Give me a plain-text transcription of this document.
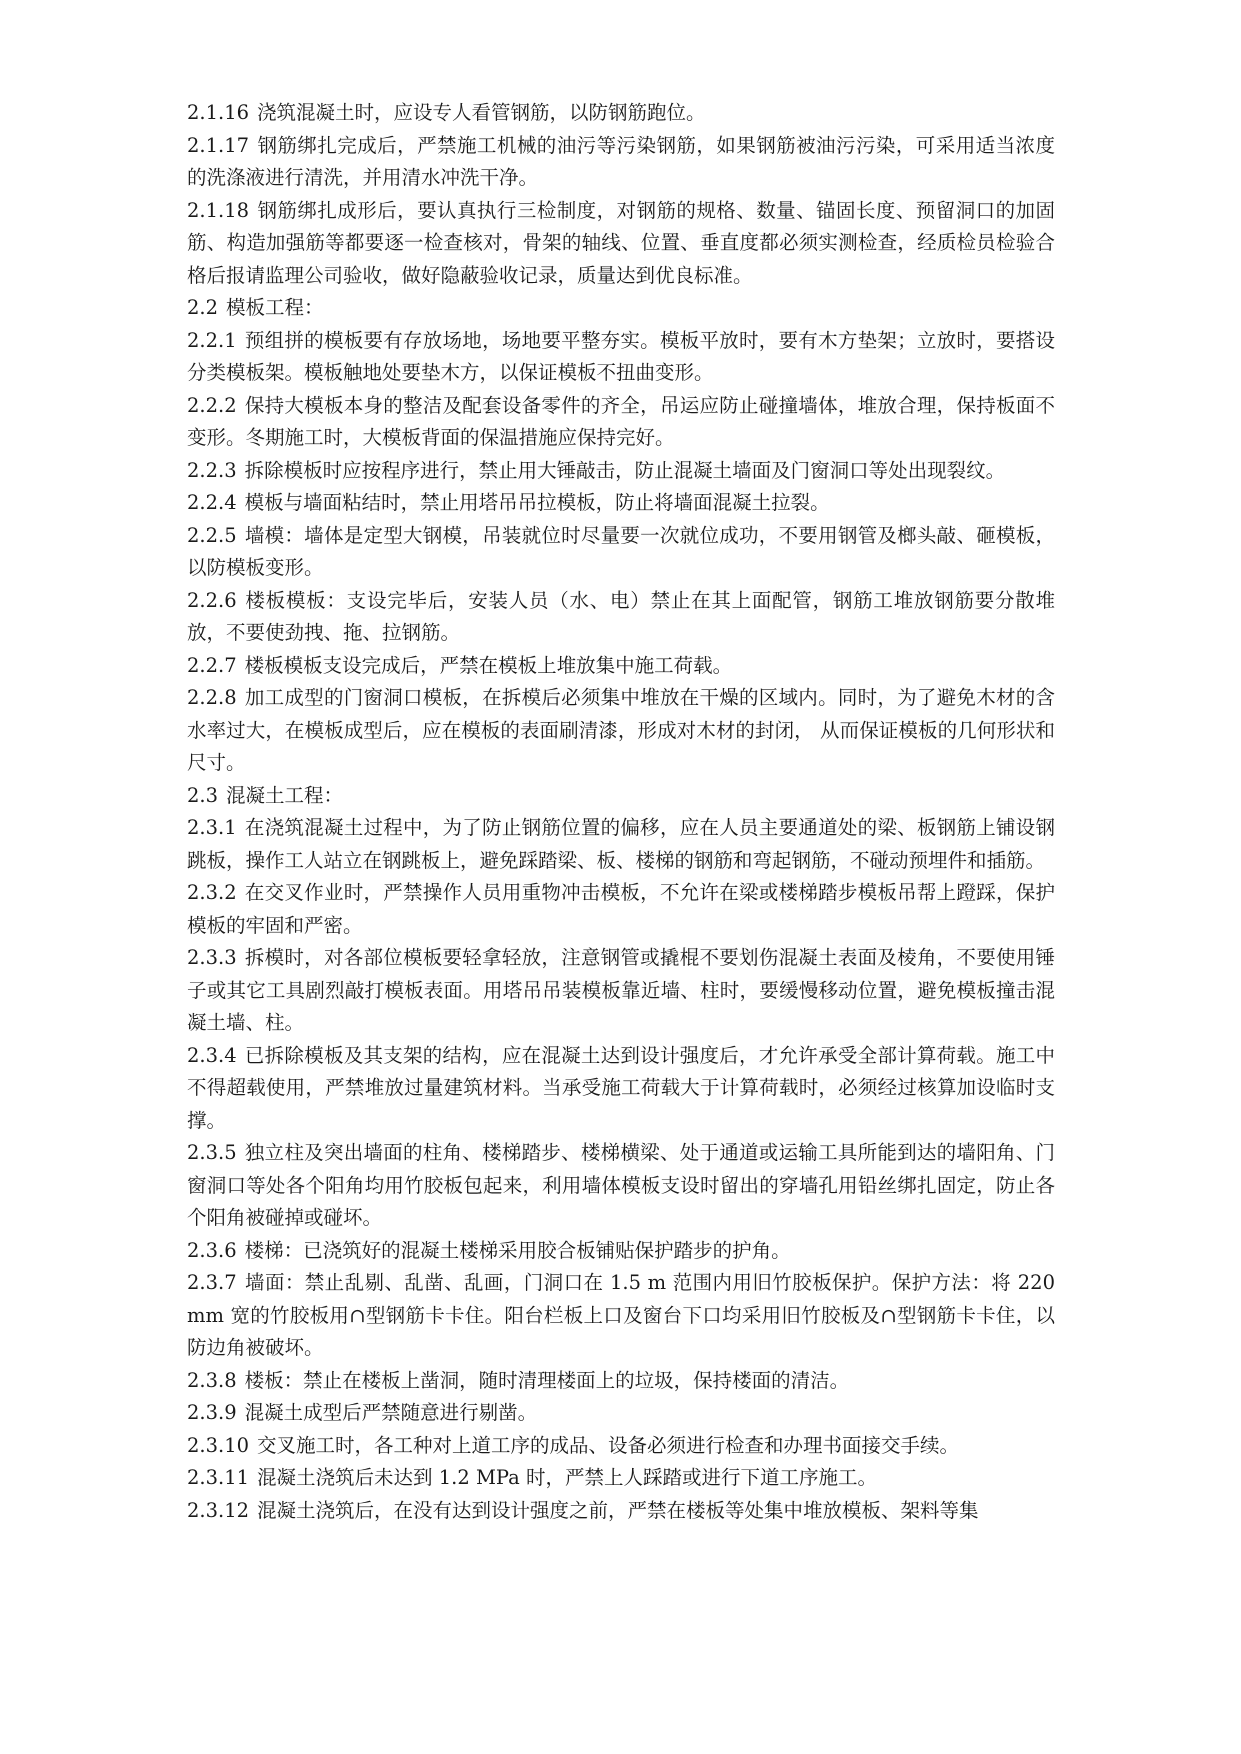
2.1.16 浇筑混凝土时，应设专人看管钢筋，以防钢筋跑位。

2.1.17 钢筋绑扎完成后，严禁施工机械的油污等污染钢筋，如果钢筋被油污污染，可采用适当浓度的洗涤液进行清洗，并用清水冲洗干净。

2.1.18 钢筋绑扎成形后，要认真执行三检制度，对钢筋的规格、数量、锚固长度、预留洞口的加固筋、构造加强筋等都要逐一检查核对，骨架的轴线、位置、垂直度都必须实测检查，经质检员检验合格后报请监理公司验收，做好隐蔽验收记录，质量达到优良标准。

2.2 模板工程：

2.2.1 预组拼的模板要有存放场地，场地要平整夯实。模板平放时，要有木方垫架；立放时，要搭设分类模板架。模板触地处要垫木方，以保证模板不扭曲变形。

2.2.2 保持大模板本身的整洁及配套设备零件的齐全，吊运应防止碰撞墙体，堆放合理，保持板面不变形。冬期施工时，大模板背面的保温措施应保持完好。

2.2.3 拆除模板时应按程序进行，禁止用大锤敲击，防止混凝土墙面及门窗洞口等处出现裂纹。

2.2.4 模板与墙面粘结时，禁止用塔吊吊拉模板，防止将墙面混凝土拉裂。

2.2.5 墙模：墙体是定型大钢模，吊装就位时尽量要一次就位成功，不要用钢管及榔头敲、砸模板，以防模板变形。

2.2.6 楼板模板：支设完毕后，安装人员（水、电）禁止在其上面配管，钢筋工堆放钢筋要分散堆放，不要使劲拽、拖、拉钢筋。

2.2.7 楼板模板支设完成后，严禁在模板上堆放集中施工荷载。

2.2.8 加工成型的门窗洞口模板，在拆模后必须集中堆放在干燥的区域内。同时，为了避免木材的含水率过大，在模板成型后，应在模板的表面刷清漆，形成对木材的封闭， 从而保证模板的几何形状和尺寸。

2.3 混凝土工程：

2.3.1 在浇筑混凝土过程中，为了防止钢筋位置的偏移，应在人员主要通道处的梁、板钢筋上铺设钢跳板，操作工人站立在钢跳板上，避免踩踏梁、板、楼梯的钢筋和弯起钢筋，不碰动预埋件和插筋。

2.3.2 在交叉作业时，严禁操作人员用重物冲击模板，不允许在梁或楼梯踏步模板吊帮上蹬踩，保护模板的牢固和严密。

2.3.3 拆模时，对各部位模板要轻拿轻放，注意钢管或撬棍不要划伤混凝土表面及棱角，不要使用锤子或其它工具剧烈敲打模板表面。用塔吊吊装模板靠近墙、柱时，要缓慢移动位置，避免模板撞击混凝土墙、柱。

2.3.4 已拆除模板及其支架的结构，应在混凝土达到设计强度后，才允许承受全部计算荷载。施工中不得超载使用，严禁堆放过量建筑材料。当承受施工荷载大于计算荷载时，必须经过核算加设临时支撑。

2.3.5 独立柱及突出墙面的柱角、楼梯踏步、楼梯横梁、处于通道或运输工具所能到达的墙阳角、门窗洞口等处各个阳角均用竹胶板包起来，利用墙体模板支设时留出的穿墙孔用铅丝绑扎固定，防止各个阳角被碰掉或碰坏。

2.3.6 楼梯：已浇筑好的混凝土楼梯采用胶合板铺贴保护踏步的护角。

2.3.7 墙面：禁止乱剔、乱凿、乱画，门洞口在 1.5 m 范围内用旧竹胶板保护。保护方法：将 220 mm 宽的竹胶板用∩型钢筋卡卡住。阳台栏板上口及窗台下口均采用旧竹胶板及∩型钢筋卡卡住，以防边角被破坏。

2.3.8 楼板：禁止在楼板上凿洞，随时清理楼面上的垃圾，保持楼面的清洁。

2.3.9 混凝土成型后严禁随意进行剔凿。

2.3.10 交叉施工时，各工种对上道工序的成品、设备必须进行检查和办理书面接交手续。

2.3.11 混凝土浇筑后未达到 1.2 MPa 时，严禁上人踩踏或进行下道工序施工。

2.3.12 混凝土浇筑后，在没有达到设计强度之前，严禁在楼板等处集中堆放模板、架料等集
